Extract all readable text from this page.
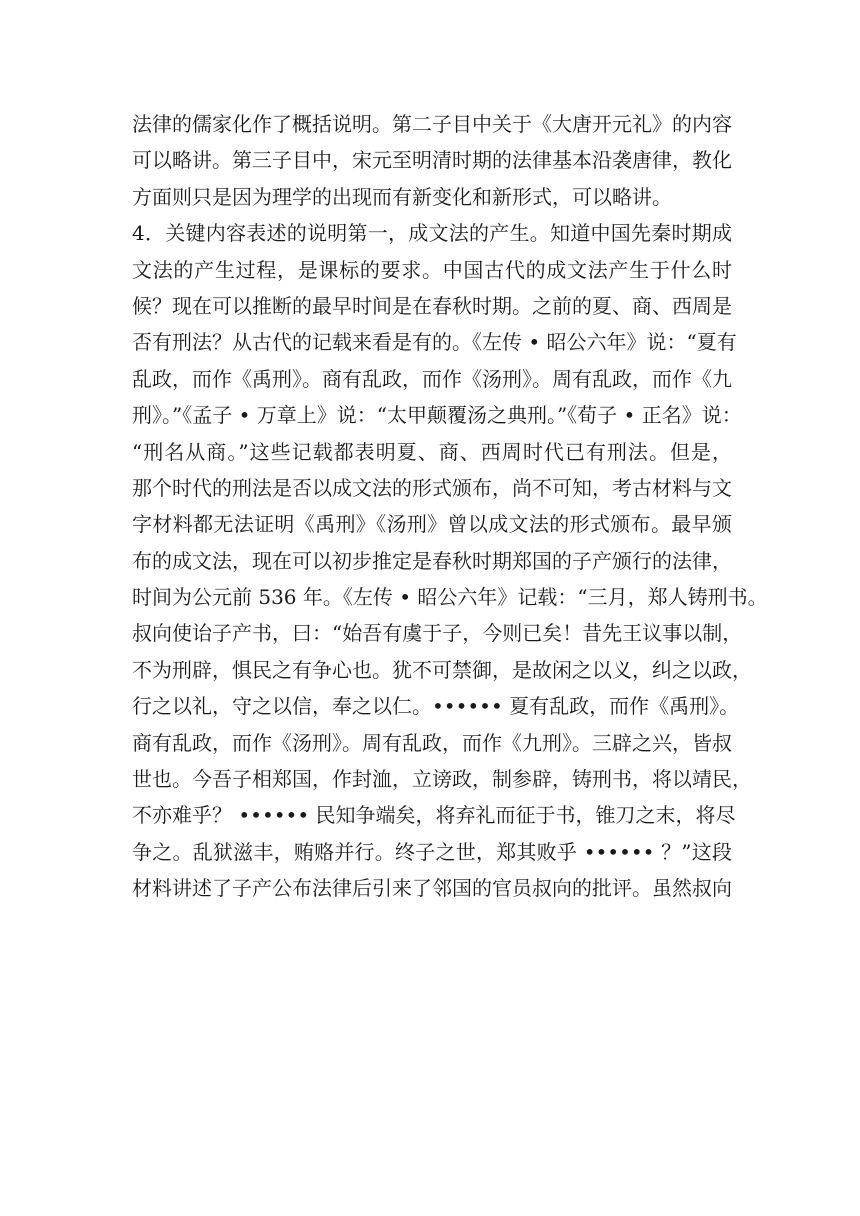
法律的儒家化作了概括说明。第二子目中关于《大唐开元礼》的内容
可以略讲。第三子目中，宋元至明清时期的法律基本沿袭唐律，教化
方面则只是因为理学的出现而有新变化和新形式，可以略讲。
4．关键内容表述的说明第一，成文法的产生。知道中国先秦时期成
文法的产生过程，是课标的要求。中国古代的成文法产生于什么时
候？现在可以推断的最早时间是在春秋时期。之前的夏、商、西周是
否有刑法？从古代的记载来看是有的。《左传 • 昭公六年》说：“夏有
乱政，而作《禹刑》。商有乱政，而作《汤刑》。周有乱政，而作《九
刑》。”《孟子 • 万章上》说：“太甲颠覆汤之典刑。”《荀子 • 正名》说：
“刑名从商。”这些记载都表明夏、商、西周时代已有刑法。但是，
那个时代的刑法是否以成文法的形式颁布，尚不可知，考古材料与文
字材料都无法证明《禹刑》《汤刑》曾以成文法的形式颁布。最早颁
布的成文法，现在可以初步推定是春秋时期郑国的子产颁行的法律，
时间为公元前 536 年。《左传 • 昭公六年》记载：“三月，郑人铸刑书。
叔向使诒子产书，曰：“始吾有虞于子，今则已矣！昔先王议事以制，
不为刑辟，惧民之有争心也。犹不可禁御，是故闲之以义，纠之以政，
行之以礼，守之以信，奉之以仁。•••••• 夏有乱政，而作《禹刑》。
商有乱政，而作《汤刑》。周有乱政，而作《九刑》。三辟之兴，皆叔
世也。今吾子相郑国，作封洫，立谤政，制参辟，铸刑书，将以靖民，
不亦难乎？ •••••• 民知争端矣，将弃礼而征于书，锥刀之末，将尽
争之。乱狱滋丰，贿赂并行。终子之世，郑其败乎 •••••• ？”这段
材料讲述了子产公布法律后引来了邻国的官员叔向的批评。虽然叔向
